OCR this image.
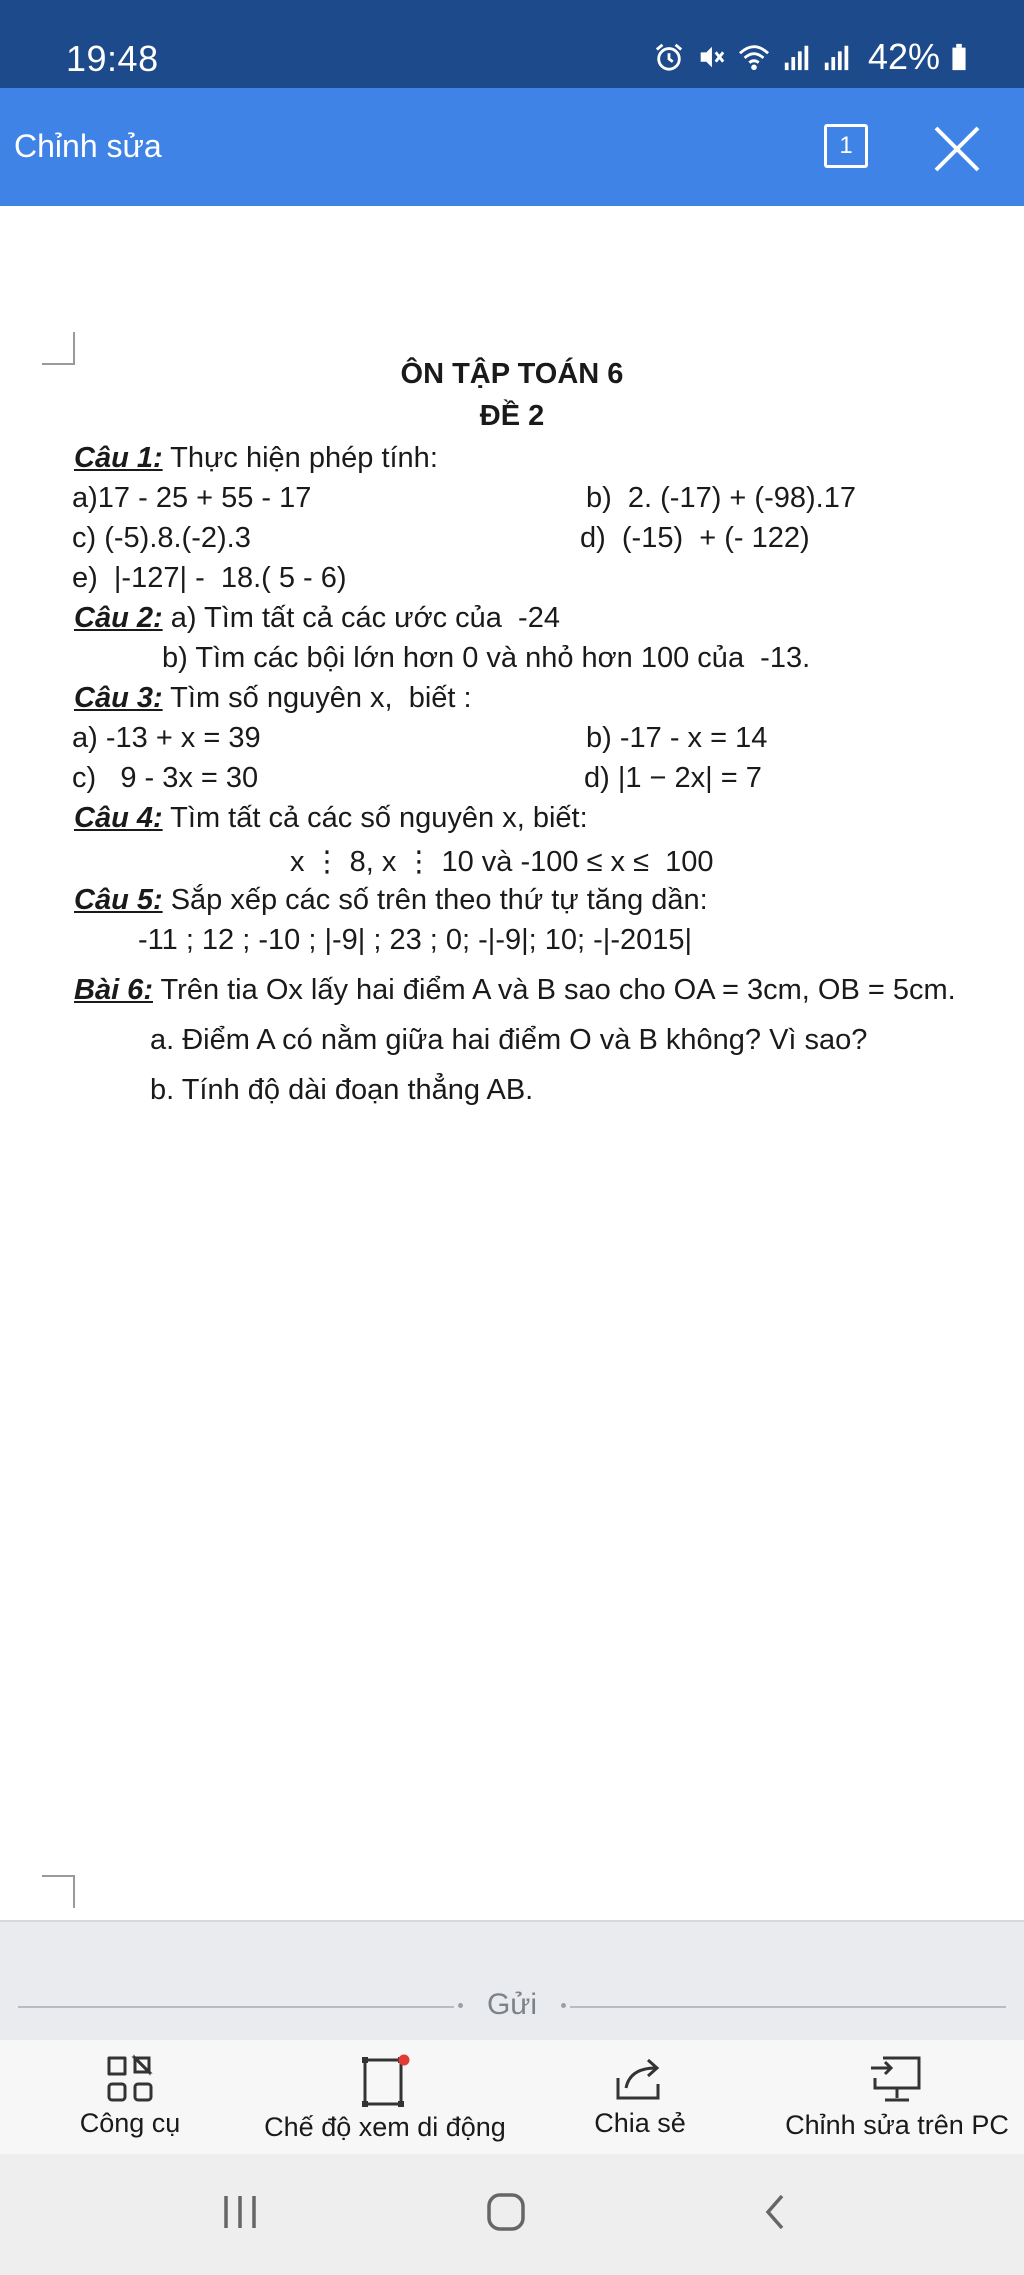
19:48	42%
Chỉnh sửa	1
ÔN TẬP TOÁN 6
ĐỀ 2
Câu 1: Thực hiện phép tính:
a)17 - 25 + 55 - 17	b)  2. (-17) + (-98).17
c) (-5).8.(-2).3	d)  (-15)  + (- 122)
e)  |-127| -  18.( 5 - 6)
Câu 2: a) Tìm tất cả các ước của  -24
b) Tìm các bội lớn hơn 0 và nhỏ hơn 100 của  -13.
Câu 3: Tìm số nguyên x,  biết :
a) -13 + x = 39	b) -17 - x = 14
c)   9 - 3x = 30	d) |1 − 2x| = 7
Câu 4: Tìm tất cả các số nguyên x, biết:
x ⋮ 8, x ⋮ 10 và -100 ≤ x ≤  100
Câu 5: Sắp xếp các số trên theo thứ tự tăng dần:
-11 ; 12 ; -10 ; |-9| ; 23 ; 0; -|-9|; 10; -|-2015|
Bài 6: Trên tia Ox lấy hai điểm A và B sao cho OA = 3cm, OB = 5cm.
a. Điểm A có nằm giữa hai điểm O và B không? Vì sao?
b. Tính độ dài đoạn thẳng AB.
Gửi
Công cụ	Chế độ xem di động	Chia sẻ	Chỉnh sửa trên PC
